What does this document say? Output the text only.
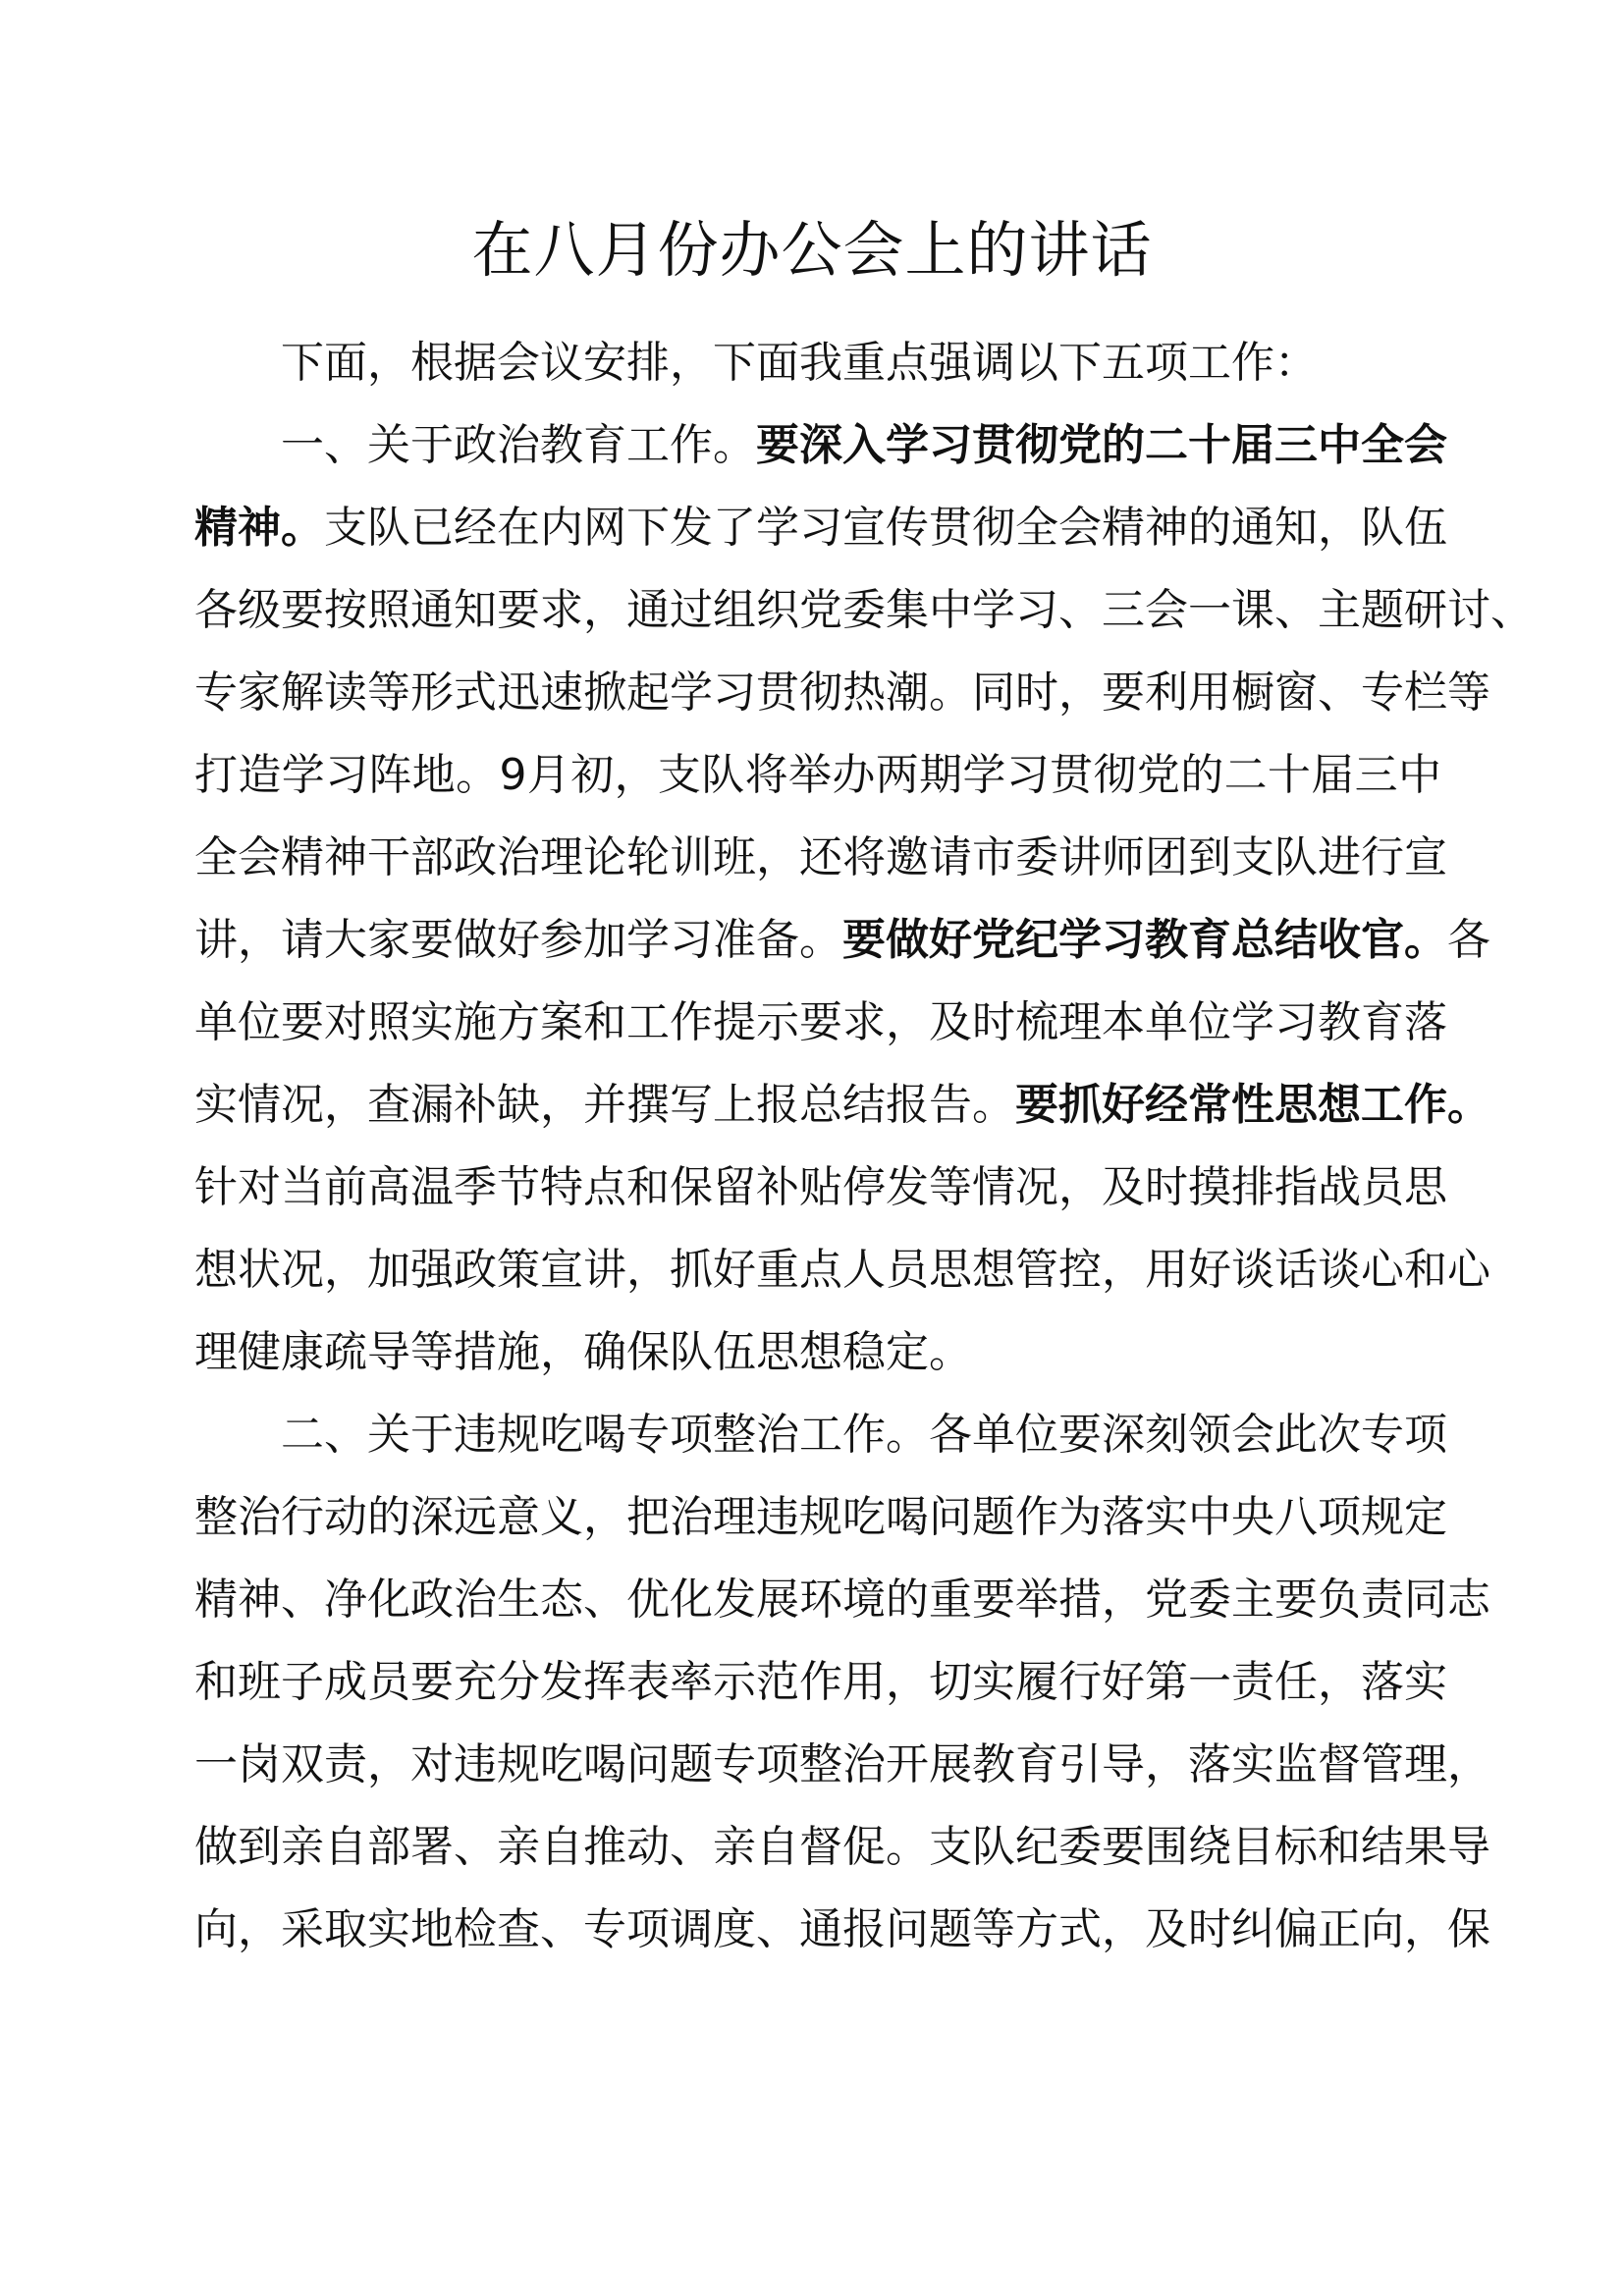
在八月份办公会上的讲话
下面，根据会议安排，下面我重点强调以下五项工作：
一、关于政治教育工作。要深入学习贯彻党的二十届三中全会
精神。支队已经在内网下发了学习宣传贯彻全会精神的通知，队伍
各级要按照通知要求，通过组织党委集中学习、三会一课、主题研讨、
专家解读等形式迅速掀起学习贯彻热潮。同时，要利用橱窗、专栏等
打造学习阵地。9月初，支队将举办两期学习贯彻党的二十届三中
全会精神干部政治理论轮训班，还将邀请市委讲师团到支队进行宣
讲，请大家要做好参加学习准备。要做好党纪学习教育总结收官。各
单位要对照实施方案和工作提示要求，及时梳理本单位学习教育落
实情况，查漏补缺，并撰写上报总结报告。要抓好经常性思想工作。
针对当前高温季节特点和保留补贴停发等情况，及时摸排指战员思
想状况，加强政策宣讲，抓好重点人员思想管控，用好谈话谈心和心
理健康疏导等措施，确保队伍思想稳定。
二、关于违规吃喝专项整治工作。各单位要深刻领会此次专项
整治行动的深远意义，把治理违规吃喝问题作为落实中央八项规定
精神、净化政治生态、优化发展环境的重要举措，党委主要负责同志
和班子成员要充分发挥表率示范作用，切实履行好第一责任，落实
一岗双责，对违规吃喝问题专项整治开展教育引导，落实监督管理，
做到亲自部署、亲自推动、亲自督促。支队纪委要围绕目标和结果导
向，采取实地检查、专项调度、通报问题等方式，及时纠偏正向，保
